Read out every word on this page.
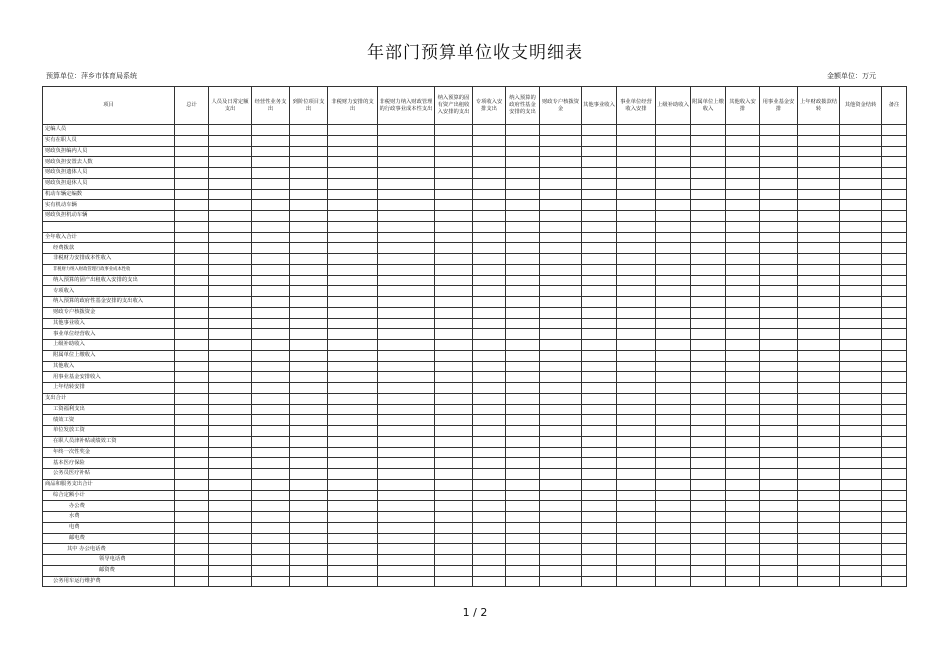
年部门预算单位收支明细表
预算单位：萍乡市体育局系统	金额单位：万元
项目	总计	人员及日常定额支出	经营性业务支出	到阶位项目支出	非税财力安排的支出	非税财力纳入财政管理的行政事业成本性支出	纳入预算的固有资产出租收入安排的支出	专项收入安排支出	纳入预算的政府性基金安排的支出	财政专户核拨资金	其他事业收入	事业单位经营收入安排	上级补助收入	附属单位上缴收入	其他收入安排	用事业基金安排	上年财政拨款结转	其他资金结转	备注
定编人员																			
实有在职人员																			
财政负担编内人员																			
财政负担安置去人数																			
财政负担遗体人员																			
财政负担退休人员																			
机动车辆定编数																			
实有机动车辆																			
财政负担机动车辆																			

全年收入合计																			
经费拨款																			
非税财力安排成本性收入																			
非税财力纳入财政管理行政事业成本性收																			
纳入预算的固产出租收入安排的支出																			
专项收入																			
纳入预算的政府性基金安排的支出收入																			
财政专户核拨资金																			
其他事业收入																			
事业单位经营收入																			
上级补助收入																			
附属单位上缴收入																			
其他收入																			
用事业基金安排收入																			
上年结转安排																			
支出合计																			
工资福利支出																			
绩效工资																			
单位发放工资																			
在职人员津补贴或绩效工资																			
年终一次性奖金																			
基本医疗保险																			
公务员医疗补贴																			
商品和服务支出合计																			
综合定额小计																			
办公费																			
水费																			
电费																			
邮电费																			
其中 办公电话费																			
领导电话费																			
邮资费																			
公务用车运行维护费																			
1 / 2
